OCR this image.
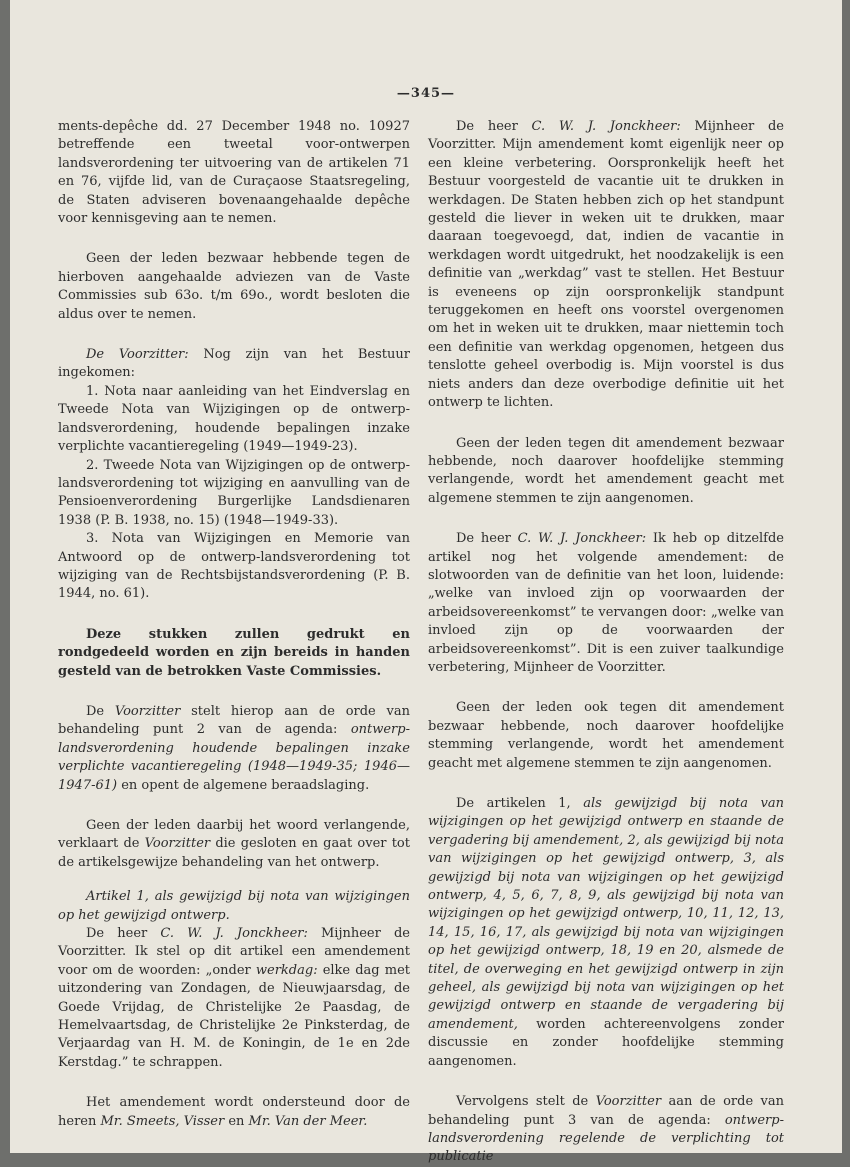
—345—

ments-depêche dd. 27 December 1948 no. 10927 betreffende een tweetal voor-ontwerpen landsverordening ter uitvoering van de artikelen 71 en 76, vijfde lid, van de Curaçaose Staatsregeling, de Staten adviseren bovenaangehaalde depêche voor kennisgeving aan te nemen.

Geen der leden bezwaar hebbende tegen de hierboven aangehaalde adviezen van de Vaste Commissies sub 63o. t/m 69o., wordt besloten die aldus over te nemen.

De Voorzitter: Nog zijn van het Bestuur ingekomen:

1. Nota naar aanleiding van het Eindverslag en Tweede Nota van Wijzigingen op de ontwerp-landsverordening, houdende bepalingen inzake verplichte vacantieregeling (1949—1949-23).

2. Tweede Nota van Wijzigingen op de ontwerp-landsverordening tot wijziging en aanvulling van de Pensioenverordening Burgerlijke Landsdienaren 1938 (P. B. 1938, no. 15) (1948—1949-33).

3. Nota van Wijzigingen en Memorie van Antwoord op de ontwerp-landsverordening tot wijziging van de Rechtsbijstandsverordening (P. B. 1944, no. 61).

Deze stukken zullen gedrukt en rondgedeeld worden en zijn bereids in handen gesteld van de betrokken Vaste Commissies.

De Voorzitter stelt hierop aan de orde van behandeling punt 2 van de agenda: ontwerp-landsverordening houdende bepalingen inzake verplichte vacantieregeling (1948—1949-35; 1946—1947-61) en opent de algemene beraadslaging.

Geen der leden daarbij het woord verlangende, verklaart de Voorzitter die gesloten en gaat over tot de artikelsgewijze behandeling van het ontwerp.

Artikel 1, als gewijzigd bij nota van wijzigingen op het gewijzigd ontwerp.

De heer C. W. J. Jonckheer: Mijnheer de Voorzitter. Ik stel op dit artikel een amendement voor om de woorden: „onder werkdag: elke dag met uitzondering van Zondagen, de Nieuwjaarsdag, de Goede Vrijdag, de Christelijke 2e Paasdag, de Hemelvaartsdag, de Christelijke 2e Pinksterdag, de Verjaardag van H. M. de Koningin, de 1e en 2de Kerstdag.” te schrappen.

Het amendement wordt ondersteund door de heren Mr. Smeets, Visser en Mr. Van der Meer.

De heer C. W. J. Jonckheer: Mijnheer de Voorzitter. Mijn amendement komt eigenlijk neer op een kleine verbetering. Oorspronkelijk heeft het Bestuur voorgesteld de vacantie uit te drukken in werkdagen. De Staten hebben zich op het standpunt gesteld die liever in weken uit te drukken, maar daaraan toegevoegd, dat, indien de vacantie in werkdagen wordt uitgedrukt, het noodzakelijk is een definitie van „werkdag” vast te stellen. Het Bestuur is eveneens op zijn oorspronkelijk standpunt teruggekomen en heeft ons voorstel overgenomen om het in weken uit te drukken, maar niettemin toch een definitie van werkdag opgenomen, hetgeen dus tenslotte geheel overbodig is. Mijn voorstel is dus niets anders dan deze overbodige definitie uit het ontwerp te lichten.

Geen der leden tegen dit amendement bezwaar hebbende, noch daarover hoofdelijke stemming verlangende, wordt het amendement geacht met algemene stemmen te zijn aangenomen.

De heer C. W. J. Jonckheer: Ik heb op ditzelfde artikel nog het volgende amendement: de slotwoorden van de definitie van het loon, luidende: „welke van invloed zijn op voorwaarden der arbeidsovereenkomst” te vervangen door: „welke van invloed zijn op de voorwaarden der arbeidsovereenkomst”. Dit is een zuiver taalkundige verbetering, Mijnheer de Voorzitter.

Geen der leden ook tegen dit amendement bezwaar hebbende, noch daarover hoofdelijke stemming verlangende, wordt het amendement geacht met algemene stemmen te zijn aangenomen.

De artikelen 1, als gewijzigd bij nota van wijzigingen op het gewijzigd ontwerp en staande de vergadering bij amendement, 2, als gewijzigd bij nota van wijzigingen op het gewijzigd ontwerp, 3, als gewijzigd bij nota van wijzigingen op het gewijzigd ontwerp, 4, 5, 6, 7, 8, 9, als gewijzigd bij nota van wijzigingen op het gewijzigd ontwerp, 10, 11, 12, 13, 14, 15, 16, 17, als gewijzigd bij nota van wijzigingen op het gewijzigd ontwerp, 18, 19 en 20, alsmede de titel, de overweging en het gewijzigd ontwerp in zijn geheel, als gewijzigd bij nota van wijzigingen op het gewijzigd ontwerp en staande de vergadering bij amendement, worden achtereenvolgens zonder discussie en zonder hoofdelijke stemming aangenomen.

Vervolgens stelt de Voorzitter aan de orde van behandeling punt 3 van de agenda: ontwerp-landsverordening regelende de verplichting tot publicatie
